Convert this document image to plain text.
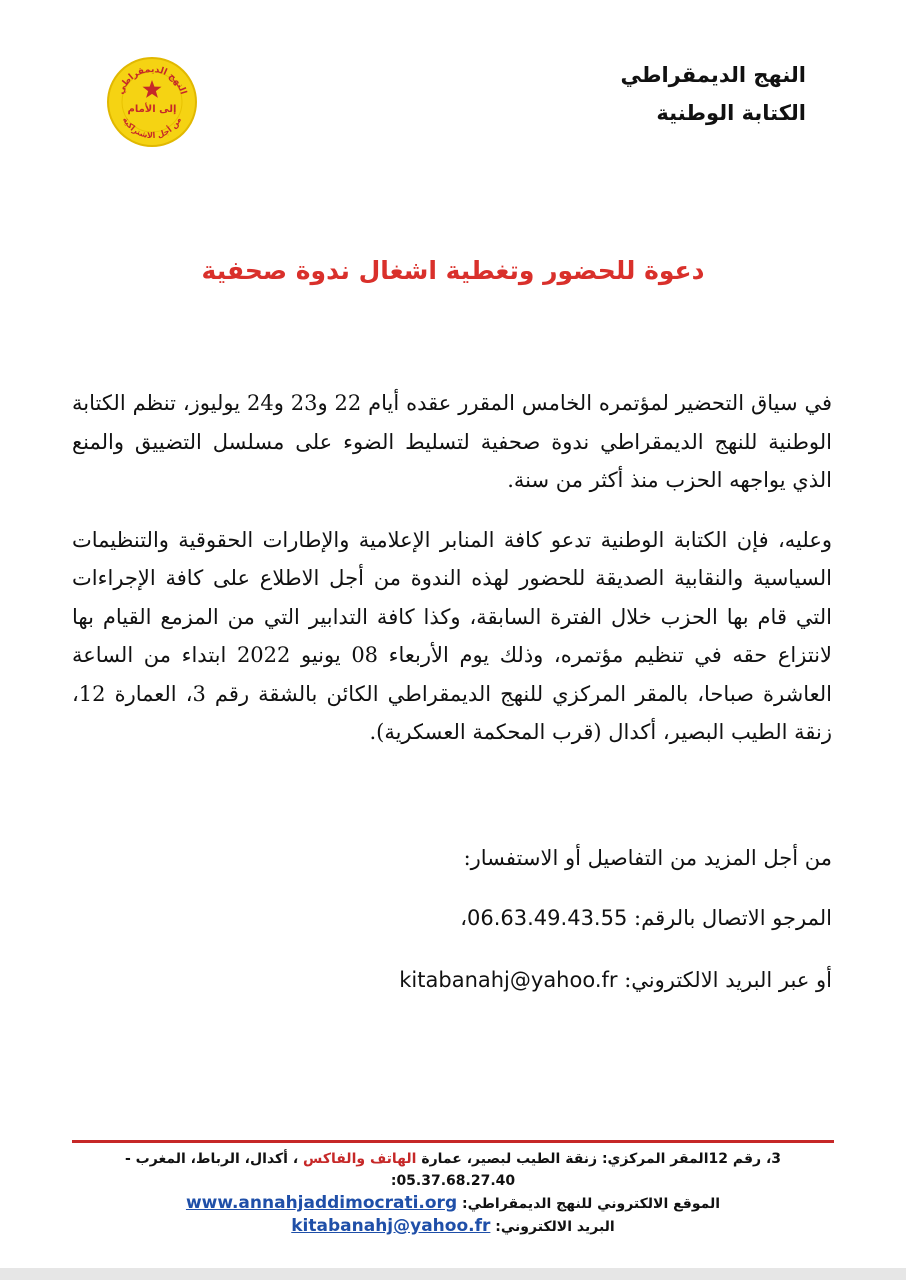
النهج الديمقراطي
إلى الأمام
من أجل الاشتراكية
النهج الديمقراطي
الكتابة الوطنية
دعوة للحضور وتغطية اشغال ندوة صحفية

في سياق التحضير لمؤتمره الخامس المقرر عقده أيام 22 و23 و24 يوليوز، تنظم الكتابة الوطنية للنهج الديمقراطي ندوة صحفية لتسليط الضوء على مسلسل التضييق والمنع الذي يواجهه الحزب منذ أكثر من سنة.

وعليه، فإن الكتابة الوطنية تدعو كافة المنابر الإعلامية والإطارات الحقوقية والتنظيمات السياسية والنقابية الصديقة للحضور لهذه الندوة من أجل الاطلاع على كافة الإجراءات التي قام بها الحزب خلال الفترة السابقة، وكذا كافة التدابير التي من المزمع القيام بها لانتزاع حقه في تنظيم مؤتمره، وذلك يوم الأربعاء 08 يونيو 2022 ابتداء من الساعة العاشرة صباحا، بالمقر المركزي للنهج الديمقراطي الكائن بالشقة رقم 3، العمارة 12، زنقة الطيب البصير، أكدال (قرب المحكمة العسكرية).

من أجل المزيد من التفاصيل أو الاستفسار:
المرجو الاتصال بالرقم: 06.63.49.43.55،
أو عبر البريد الالكتروني: kitabanahj@yahoo.fr
3، رقم 12المقر المركزي: زنقة الطيب لبصير، عمارة الهاتف والفاكس ، أكدال، الرباط، المغرب -
:05.37.68.27.40
الموقع الالكتروني للنهج الديمقراطي: www.annahjaddimocrati.org
البريد الالكتروني: kitabanahj@yahoo.fr
